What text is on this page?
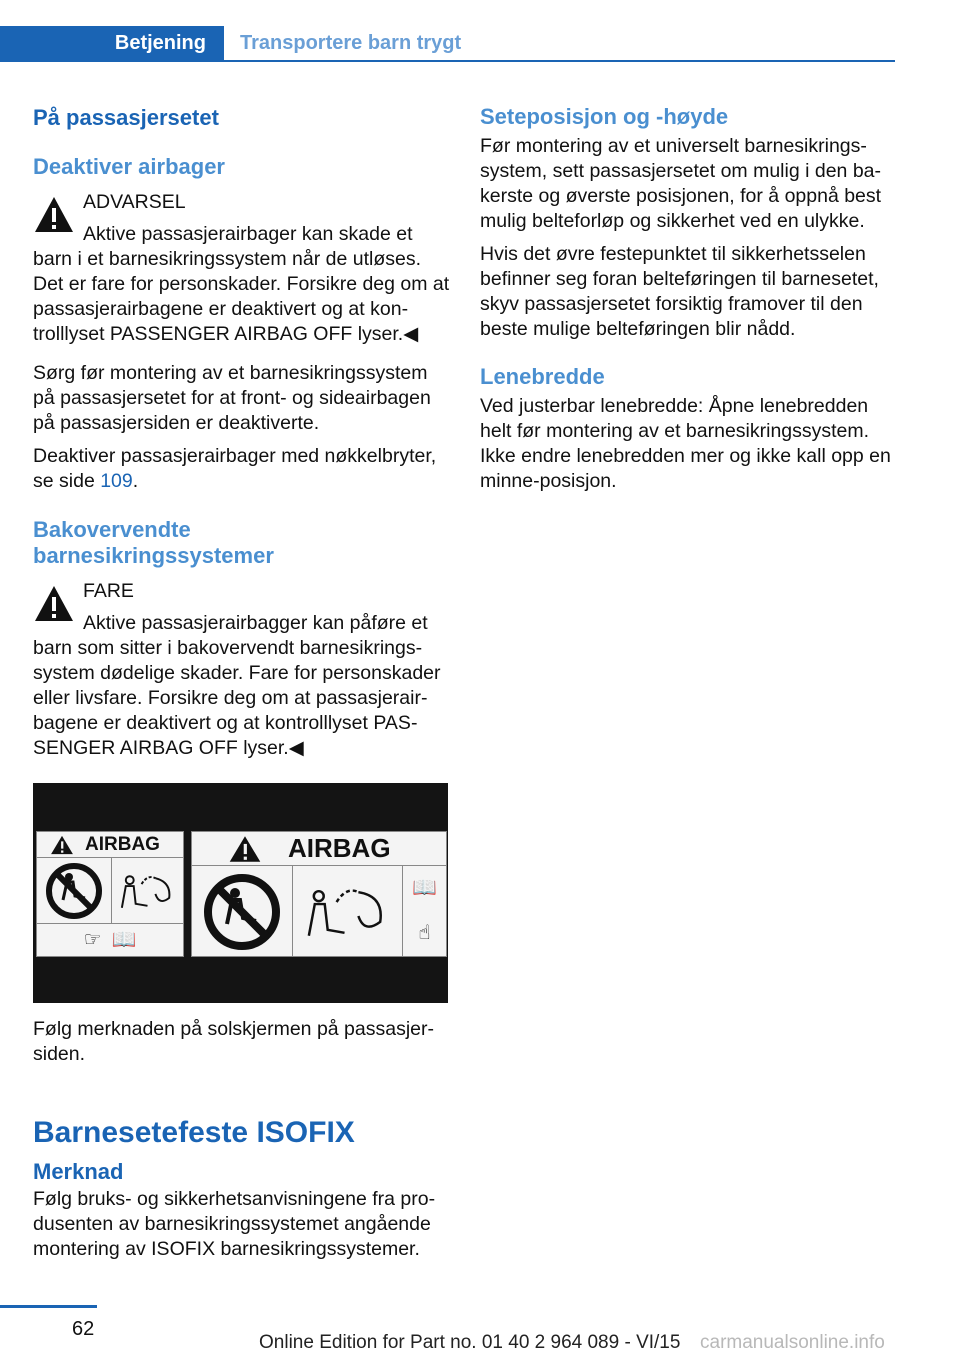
Betjening Transportere barn trygt
På passasjersetet
Deaktiver airbager
ADVARSEL
Aktive passasjerairbager kan skade et barn i et barnesikringssystem når de utløses. Det er fare for personskader. Forsikre deg om at passasjerairbagene er deaktivert og at kontrolllyset PASSENGER AIRBAG OFF lyser.◀
Sørg før montering av et barnesikringssystem på passasjersetet for at front- og sideairbagen på passasjersiden er deaktiverte.
Deaktiver passasjerairbager med nøkkelbryter, se side 109.
Bakovervendte
barnesikringssystemer
FARE
Aktive passasjerairbagger kan påføre et barn som sitter i bakovervendt barnesikringssystem dødelige skader. Fare for personskader eller livsfare. Forsikre deg om at passasjerairbagene er deaktivert og at kontrolllyset PASSENGER AIRBAG OFF lyser.◀
AIRBAG
☞ 📖
AIRBAG
📖
☝
Følg merknaden på solskjermen på passasjersiden.
Barnesetefeste ISOFIX
Merknad
Følg bruks- og sikkerhetsanvisningene fra produsenten av barnesikringssystemet angående montering av ISOFIX barnesikringssystemer.
Seteposisjon og -høyde
Før montering av et universelt barnesikringssystem, sett passasjersetet om mulig i den bakerste og øverste posisjonen, for å oppnå best mulig belteforløp og sikkerhet ved en ulykke.
Hvis det øvre festepunktet til sikkerhetsselen befinner seg foran belteføringen til barnesetet, skyv passasjersetet forsiktig framover til den beste mulige belteføringen blir nådd.
Lenebredde
Ved justerbar lenebredde: Åpne lenebredden helt før montering av et barnesikringssystem. Ikke endre lenebredden mer og ikke kall opp en minne-posisjon.
62
Online Edition for Part no. 01 40 2 964 089 - VI/15 carmanualsonline.info
